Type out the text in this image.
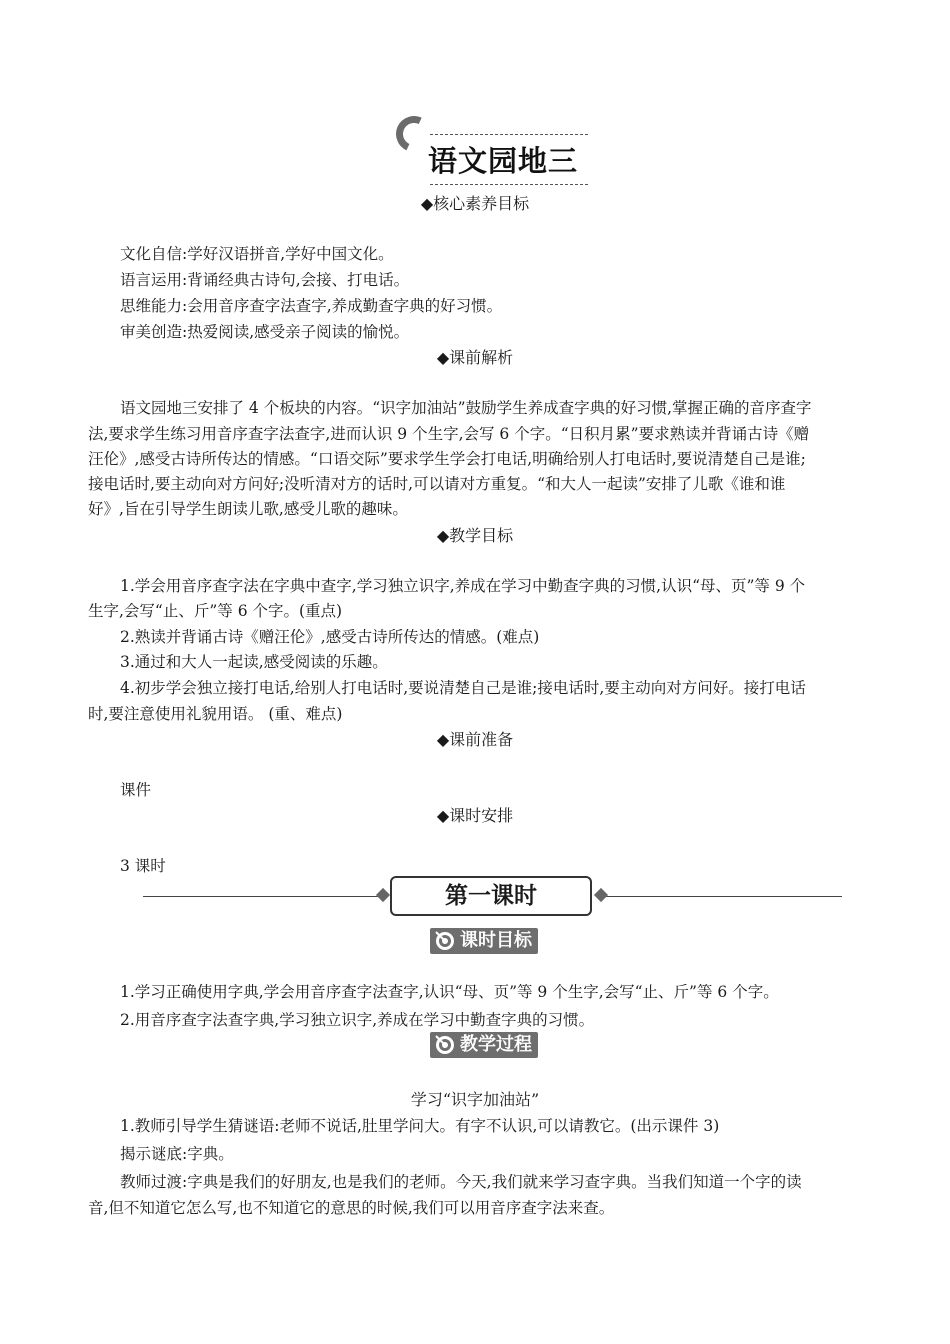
语文园地三
◆核心素养目标
文化自信:学好汉语拼音,学好中国文化。
语言运用:背诵经典古诗句,会接、打电话。
思维能力:会用音序查字法查字,养成勤查字典的好习惯。
审美创造:热爱阅读,感受亲子阅读的愉悦。
◆课前解析
语文园地三安排了 4 个板块的内容。“识字加油站”鼓励学生养成查字典的好习惯,掌握正确的音序查字
法,要求学生练习用音序查字法查字,进而认识 9 个生字,会写 6 个字。“日积月累”要求熟读并背诵古诗《赠
汪伦》,感受古诗所传达的情感。“口语交际”要求学生学会打电话,明确给别人打电话时,要说清楚自己是谁;
接电话时,要主动向对方问好;没听清对方的话时,可以请对方重复。“和大人一起读”安排了儿歌《谁和谁
好》,旨在引导学生朗读儿歌,感受儿歌的趣味。
◆教学目标
1.学会用音序查字法在字典中查字,学习独立识字,养成在学习中勤查字典的习惯,认识“母、页”等 9 个
生字,会写“止、斤”等 6 个字。(重点)
2.熟读并背诵古诗《赠汪伦》,感受古诗所传达的情感。(难点)
3.通过和大人一起读,感受阅读的乐趣。
4.初步学会独立接打电话,给别人打电话时,要说清楚自己是谁;接电话时,要主动向对方问好。接打电话
时,要注意使用礼貌用语。 (重、难点)
◆课前准备
课件
◆课时安排
3 课时
第一课时
课时目标
1.学习正确使用字典,学会用音序查字法查字,认识“母、页”等 9 个生字,会写“止、斤”等 6 个字。
2.用音序查字法查字典,学习独立识字,养成在学习中勤查字典的习惯。
教学过程
学习“识字加油站”
1.教师引导学生猜谜语:老师不说话,肚里学问大。有字不认识,可以请教它。(出示课件 3)
揭示谜底:字典。
教师过渡:字典是我们的好朋友,也是我们的老师。今天,我们就来学习查字典。当我们知道一个字的读
音,但不知道它怎么写,也不知道它的意思的时候,我们可以用音序查字法来查。
